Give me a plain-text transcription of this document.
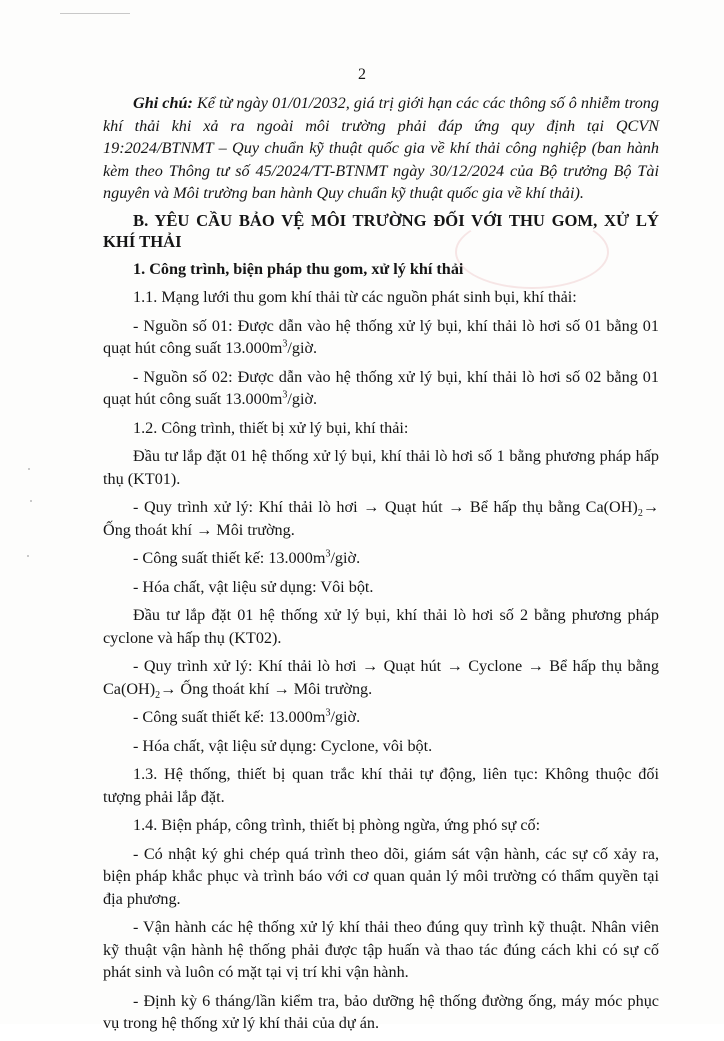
2

Ghi chú: Kể từ ngày 01/01/2032, giá trị giới hạn các các thông số ô nhiễm trong khí thải khi xả ra ngoài môi trường phải đáp ứng quy định tại QCVN 19:2024/BTNMT – Quy chuẩn kỹ thuật quốc gia về khí thải công nghiệp (ban hành kèm theo Thông tư số 45/2024/TT-BTNMT ngày 30/12/2024 của Bộ trưởng Bộ Tài nguyên và Môi trường ban hành Quy chuẩn kỹ thuật quốc gia về khí thải).

B. YÊU CẦU BẢO VỆ MÔI TRƯỜNG ĐỐI VỚI THU GOM, XỬ LÝ KHÍ THẢI
1. Công trình, biện pháp thu gom, xử lý khí thải

1.1. Mạng lưới thu gom khí thải từ các nguồn phát sinh bụi, khí thải:

- Nguồn số 01: Được dẫn vào hệ thống xử lý bụi, khí thải lò hơi số 01 bằng 01 quạt hút công suất $13.000m^3$/giờ.

- Nguồn số 02: Được dẫn vào hệ thống xử lý bụi, khí thải lò hơi số 02 bằng 01 quạt hút công suất $13.000m^3$/giờ.

1.2. Công trình, thiết bị xử lý bụi, khí thải:

Đầu tư lắp đặt 01 hệ thống xử lý bụi, khí thải lò hơi số 1 bằng phương pháp hấp thụ (KT01).

- Quy trình xử lý: Khí thải lò hơi → Quạt hút → Bể hấp thụ bằng $Ca(OH)_2\to$ Ống thoát khí → Môi trường.

- Công suất thiết kế: $13.000m^3$/giờ.

- Hóa chất, vật liệu sử dụng: Vôi bột.

Đầu tư lắp đặt 01 hệ thống xử lý bụi, khí thải lò hơi số 2 bằng phương pháp cyclone và hấp thụ (KT02).

- Quy trình xử lý: Khí thải lò hơi → Quạt hút → Cyclone → Bể hấp thụ bằng $Ca(OH)_2\to$ Ống thoát khí → Môi trường.

- Công suất thiết kế: $13.000m^3$/giờ.

- Hóa chất, vật liệu sử dụng: Cyclone, vôi bột.

1.3. Hệ thống, thiết bị quan trắc khí thải tự động, liên tục: Không thuộc đối tượng phải lắp đặt.

1.4. Biện pháp, công trình, thiết bị phòng ngừa, ứng phó sự cố:

- Có nhật ký ghi chép quá trình theo dõi, giám sát vận hành, các sự cố xảy ra, biện pháp khắc phục và trình báo với cơ quan quản lý môi trường có thẩm quyền tại địa phương.

- Vận hành các hệ thống xử lý khí thải theo đúng quy trình kỹ thuật. Nhân viên kỹ thuật vận hành hệ thống phải được tập huấn và thao tác đúng cách khi có sự cố phát sinh và luôn có mặt tại vị trí khi vận hành.

- Định kỳ 6 tháng/lần kiểm tra, bảo dưỡng hệ thống đường ống, máy móc phục vụ trong hệ thống xử lý khí thải của dự án.
